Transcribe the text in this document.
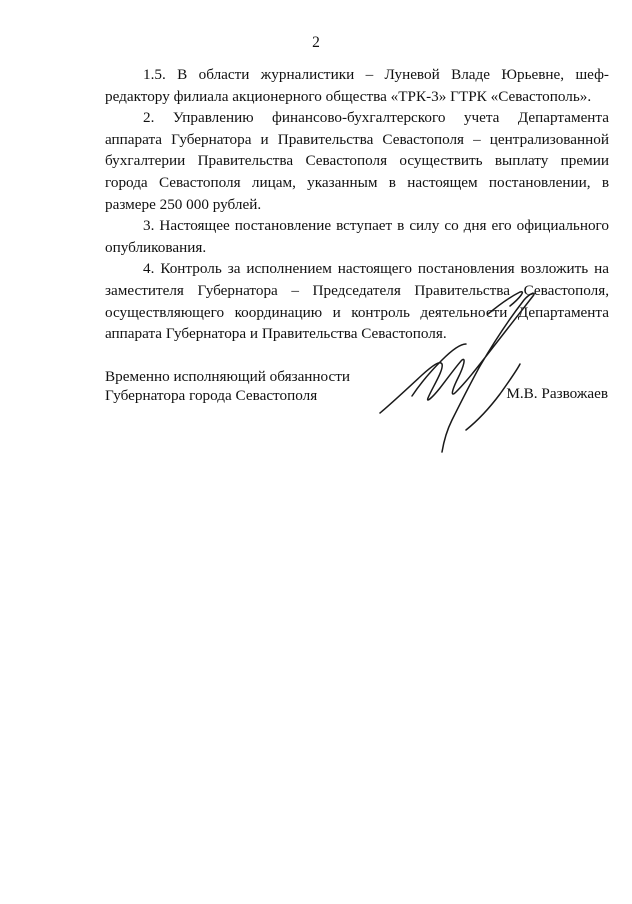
2

1.5. В области журналистики – Луневой Владе Юрьевне, шеф-редактору филиала акционерного общества «ТРК-3» ГТРК «Севастополь».

2. Управлению финансово-бухгалтерского учета Департамента аппарата Губернатора и Правительства Севастополя – централизованной бухгалтерии Правительства Севастополя осуществить выплату премии города Севастополя лицам, указанным в настоящем постановлении, в размере 250 000 рублей.

3. Настоящее постановление вступает в силу со дня его официального опубликования.

4. Контроль за исполнением настоящего постановления возложить на заместителя Губернатора – Председателя Правительства Севастополя, осуществляющего координацию и контроль деятельности Департамента аппарата Губернатора и Правительства Севастополя.

Временно исполняющий обязанности
Губернатора города Севастополя	М.В. Развожаев
